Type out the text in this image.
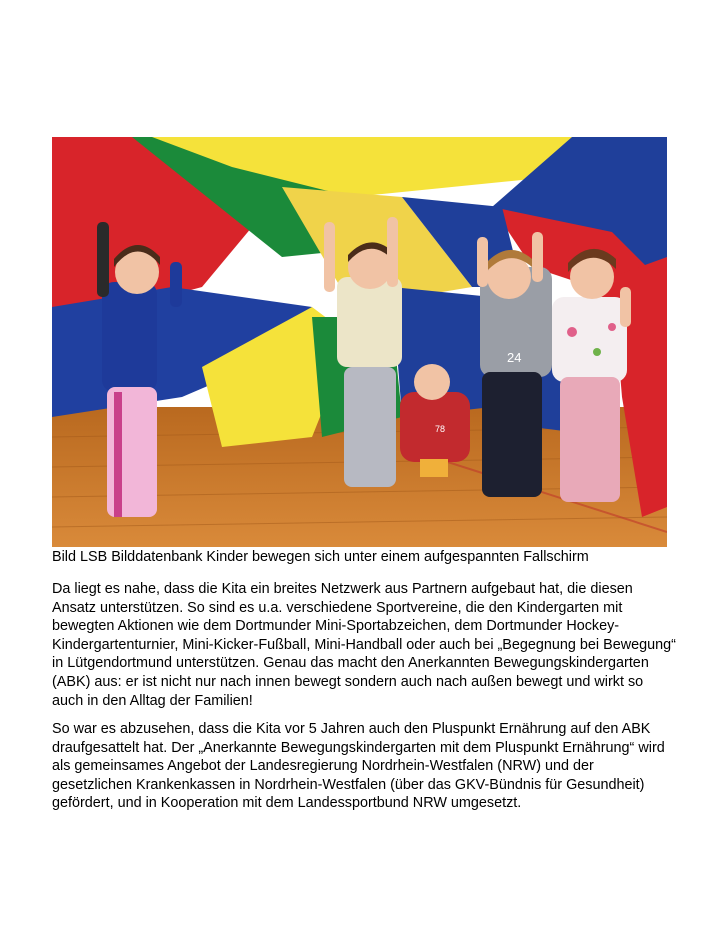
78
24
Bild LSB Bilddatenbank Kinder bewegen sich unter einem aufgespannten Fallschirm

Da liegt es nahe, dass die Kita ein breites Netzwerk aus Partnern aufgebaut hat, die diesen Ansatz unterstützen. So sind es u.a. verschiedene Sportvereine, die den Kindergarten mit bewegten Aktionen wie dem Dortmunder Mini-Sportabzeichen, dem Dortmunder Hockey-Kindergartenturnier, Mini-Kicker-Fußball, Mini-Handball oder auch bei „Begegnung bei Bewegung“ in Lütgendortmund unterstützen. Genau das macht den Anerkannten Bewegungskindergarten (ABK) aus: er ist nicht nur nach innen bewegt sondern auch nach außen bewegt und wirkt so auch in den Alltag der Familien!

So war es abzusehen, dass die Kita vor 5 Jahren auch den Pluspunkt Ernährung auf den ABK draufgesattelt hat. Der „Anerkannte Bewegungskindergarten mit dem Pluspunkt Ernährung“ wird als gemeinsames Angebot der Landesregierung Nordrhein-Westfalen (NRW) und der gesetzlichen Krankenkassen in Nordrhein-Westfalen (über das GKV-Bündnis für Gesundheit) gefördert, und in Kooperation mit dem Landessportbund NRW umgesetzt.
